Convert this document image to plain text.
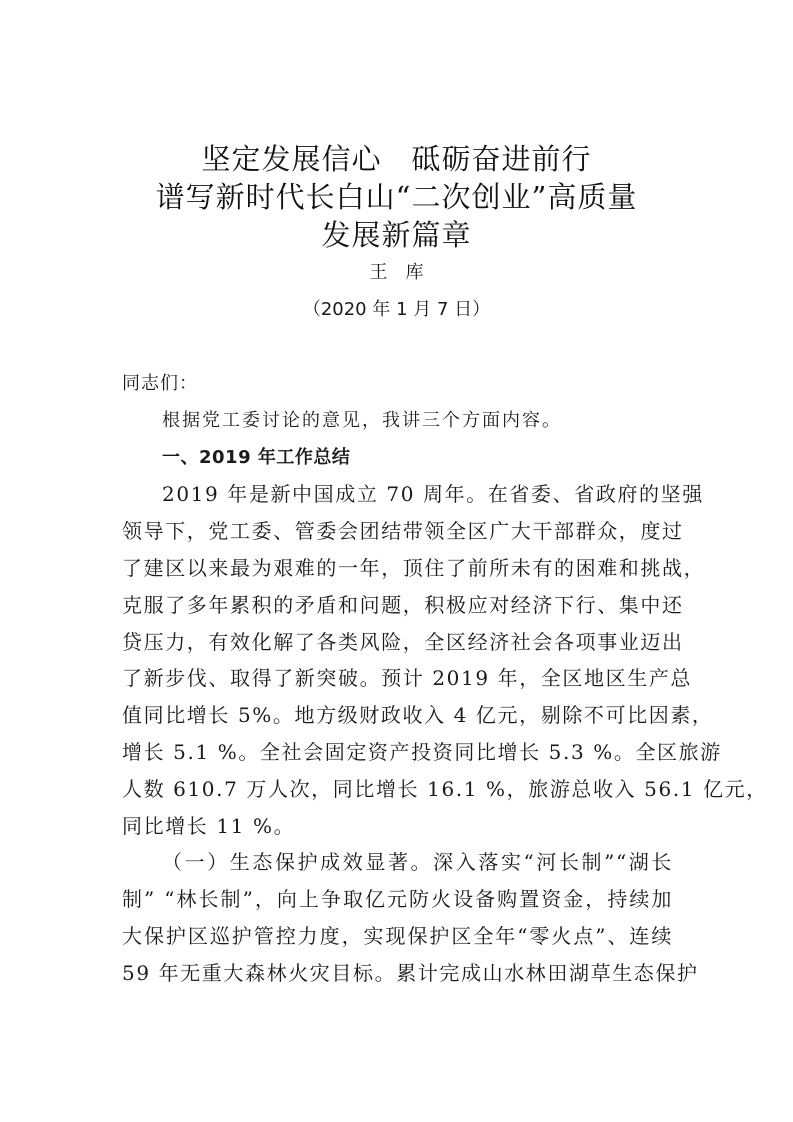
坚定发展信心　砥砺奋进前行
谱写新时代长白山“二次创业”高质量
发展新篇章
王库
（2020 年 1 月 7 日）

同志们：

根据党工委讨论的意见，我讲三个方面内容。

一、2019 年工作总结

2019 年是新中国成立 70 周年。在省委、省政府的坚强
领导下，党工委、管委会团结带领全区广大干部群众，度过
了建区以来最为艰难的一年，顶住了前所未有的困难和挑战，
克服了多年累积的矛盾和问题，积极应对经济下行、集中还
贷压力，有效化解了各类风险，全区经济社会各项事业迈出
了新步伐、取得了新突破。预计 2019 年，全区地区生产总
值同比增长 5%。地方级财政收入 4 亿元，剔除不可比因素，
增长 5.1 %。全社会固定资产投资同比增长 5.3 %。全区旅游
人数 610.7 万人次，同比增长 16.1 %，旅游总收入 56.1 亿元，
同比增长 11 %。
（一）生态保护成效显著。深入落实“河长制”“湖长
制” “林长制”，向上争取亿元防火设备购置资金，持续加
大保护区巡护管控力度，实现保护区全年“零火点”、连续
59 年无重大森林火灾目标。累计完成山水林田湖草生态保护
